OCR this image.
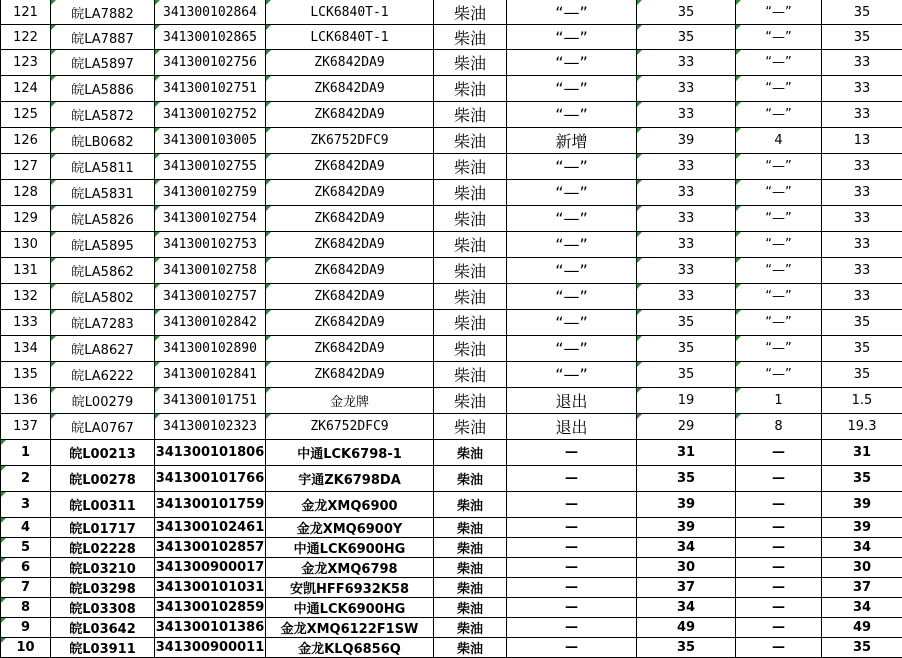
121	皖LA7882	341300102864	LCK6840T-1	柴油	“—”	35	“—”	35
122	皖LA7887	341300102865	LCK6840T-1	柴油	“—”	35	“—”	35
123	皖LA5897	341300102756	ZK6842DA9	柴油	“—”	33	“—”	33
124	皖LA5886	341300102751	ZK6842DA9	柴油	“—”	33	“—”	33
125	皖LA5872	341300102752	ZK6842DA9	柴油	“—”	33	“—”	33
126	皖LB0682	341300103005	ZK6752DFC9	柴油	新增	39	4	13
127	皖LA5811	341300102755	ZK6842DA9	柴油	“—”	33	“—”	33
128	皖LA5831	341300102759	ZK6842DA9	柴油	“—”	33	“—”	33
129	皖LA5826	341300102754	ZK6842DA9	柴油	“—”	33	“—”	33
130	皖LA5895	341300102753	ZK6842DA9	柴油	“—”	33	“—”	33
131	皖LA5862	341300102758	ZK6842DA9	柴油	“—”	33	“—”	33
132	皖LA5802	341300102757	ZK6842DA9	柴油	“—”	33	“—”	33
133	皖LA7283	341300102842	ZK6842DA9	柴油	“—”	35	“—”	35
134	皖LA8627	341300102890	ZK6842DA9	柴油	“—”	35	“—”	35
135	皖LA6222	341300102841	ZK6842DA9	柴油	“—”	35	“—”	35
136	皖L00279	341300101751	金龙牌	柴油	退出	19	1	1.5
137	皖LA0767	341300102323	ZK6752DFC9	柴油	退出	29	8	19.3
1	皖L00213	341300101806	中通LCK6798-1	柴油	—	31	—	31
2	皖L00278	341300101766	宇通ZK6798DA	柴油	—	35	—	35
3	皖L00311	341300101759	金龙XMQ6900	柴油	—	39	—	39
4	皖L01717	341300102461	金龙XMQ6900Y	柴油	—	39	—	39
5	皖L02228	341300102857	中通LCK6900HG	柴油	—	34	—	34
6	皖L03210	341300900017	金龙XMQ6798	柴油	—	30	—	30
7	皖L03298	341300101031	安凯HFF6932K58	柴油	—	37	—	37
8	皖L03308	341300102859	中通LCK6900HG	柴油	—	34	—	34
9	皖L03642	341300101386	金龙XMQ6122F1SW	柴油	—	49	—	49
10	皖L03911	341300900011	金龙KLQ6856Q	柴油	—	35	—	35
